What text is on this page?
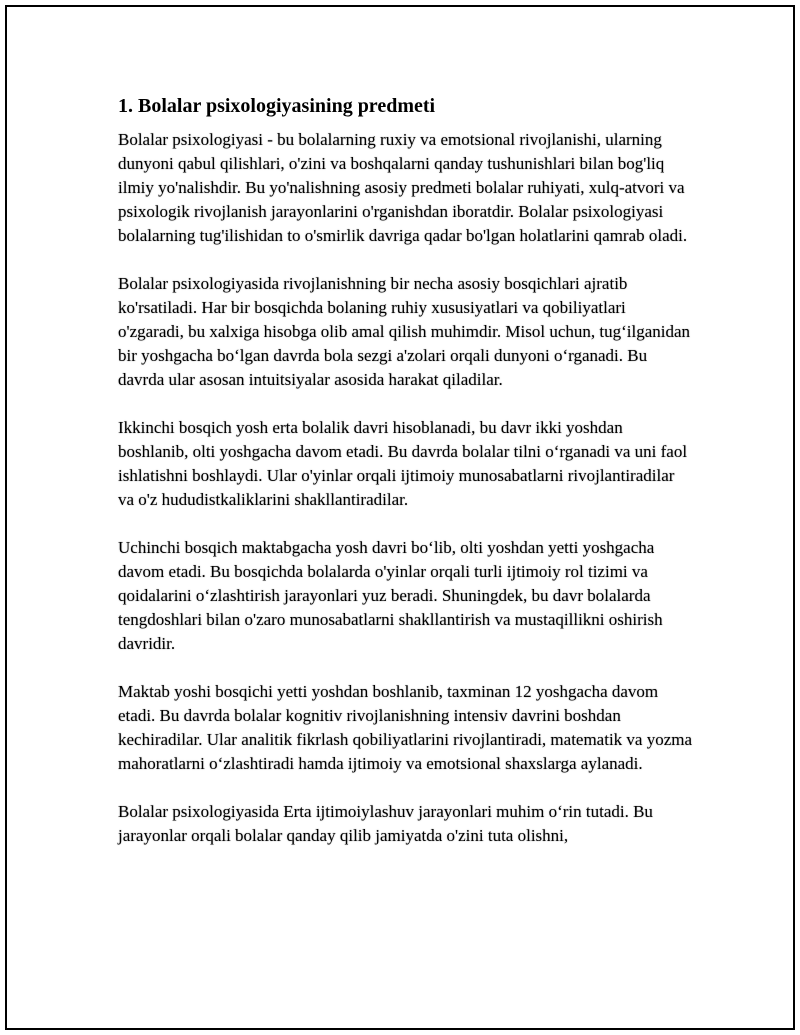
1. Bolalar psixologiyasining predmeti

Bolalar psixologiyasi - bu bolalarning ruxiy va emotsional rivojlanishi, ularning dunyoni qabul qilishlari, o'zini va boshqalarni qanday tushunishlari bilan bog'liq ilmiy yo'nalishdir. Bu yo'nalishning asosiy predmeti bolalar ruhiyati, xulq-atvori va psixologik rivojlanish jarayonlarini o'rganishdan iboratdir. Bolalar psixologiyasi bolalarning tug'ilishidan to o'smirlik davriga qadar bo'lgan holatlarini qamrab oladi.

Bolalar psixologiyasida rivojlanishning bir necha asosiy bosqichlari ajratib ko'rsatiladi. Har bir bosqichda bolaning ruhiy xususiyatlari va qobiliyatlari o'zgaradi, bu xalxiga hisobga olib amal qilish muhimdir. Misol uchun, tug‘ilganidan bir yoshgacha bo‘lgan davrda bola sezgi a'zolari orqali dunyoni o‘rganadi. Bu davrda ular asosan intuitsiyalar asosida harakat qiladilar.

Ikkinchi bosqich yosh erta bolalik davri hisoblanadi, bu davr ikki yoshdan boshlanib, olti yoshgacha davom etadi. Bu davrda bolalar tilni o‘rganadi va uni faol ishlatishni boshlaydi. Ular o'yinlar orqali ijtimoiy munosabatlarni rivojlantiradilar va o'z hududistkaliklarini shakllantiradilar.

Uchinchi bosqich maktabgacha yosh davri bo‘lib, olti yoshdan yetti yoshgacha davom etadi. Bu bosqichda bolalarda o'yinlar orqali turli ijtimoiy rol tizimi va qoidalarini o‘zlashtirish jarayonlari yuz beradi. Shuningdek, bu davr bolalarda tengdoshlari bilan o'zaro munosabatlarni shakllantirish va mustaqillikni oshirish davridir.

Maktab yoshi bosqichi yetti yoshdan boshlanib, taxminan 12 yoshgacha davom etadi. Bu davrda bolalar kognitiv rivojlanishning intensiv davrini boshdan kechiradilar. Ular analitik fikrlash qobiliyatlarini rivojlantiradi, matematik va yozma mahoratlarni o‘zlashtiradi hamda ijtimoiy va emotsional shaxslarga aylanadi.

Bolalar psixologiyasida Erta ijtimoiylashuv jarayonlari muhim o‘rin tutadi. Bu jarayonlar orqali bolalar qanday qilib jamiyatda o'zini tuta olishni,
